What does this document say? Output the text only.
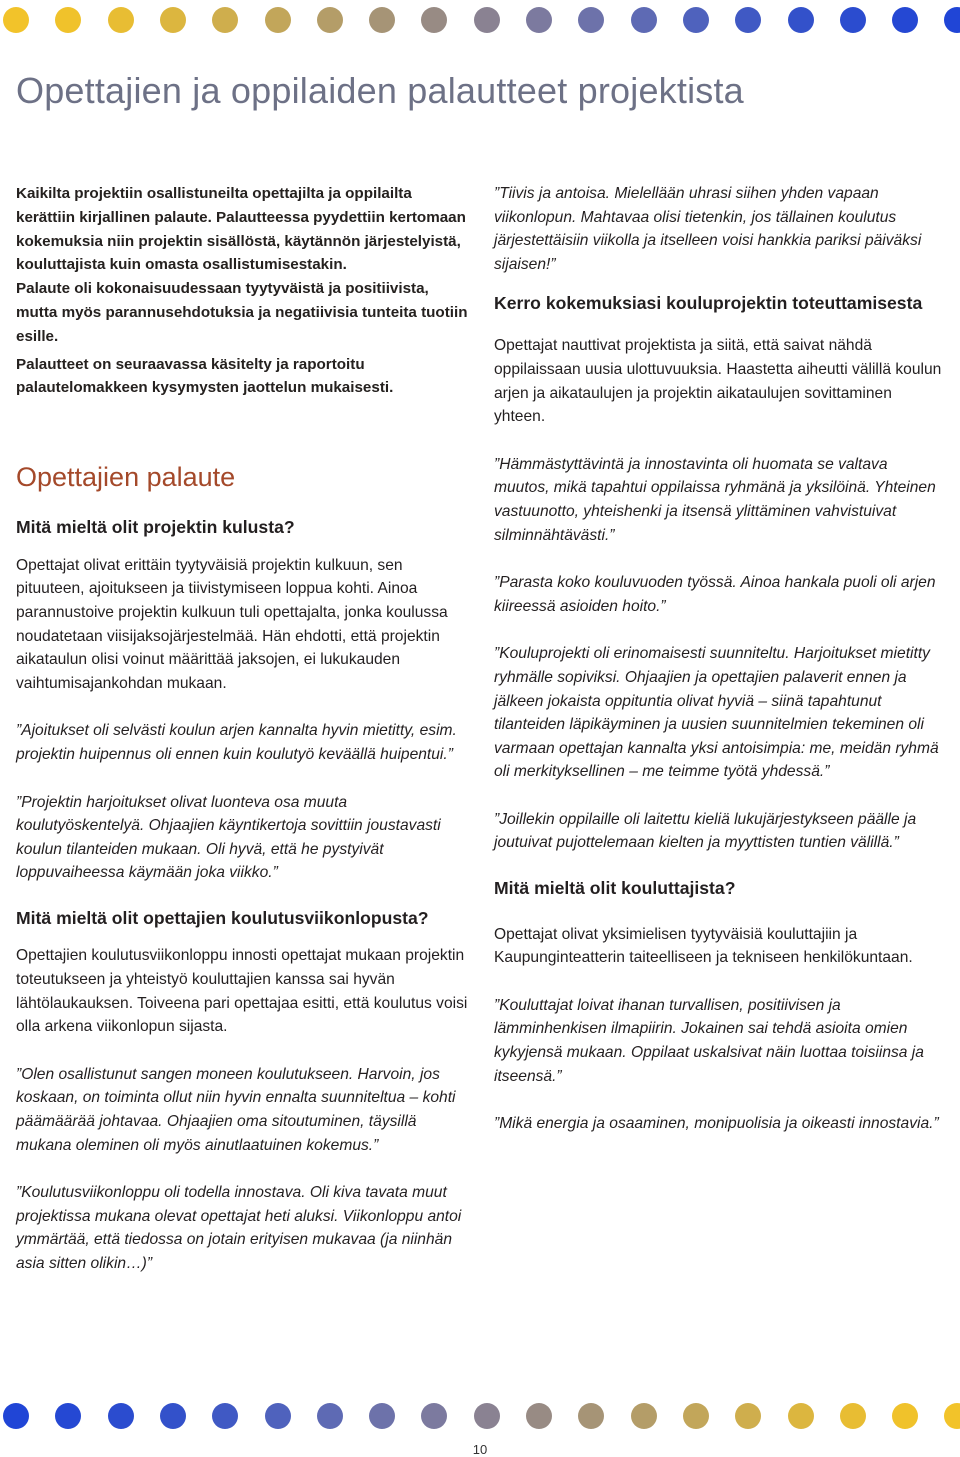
Opettajien ja oppilaiden palautteet projektista

Kaikilta projektiin osallistuneilta opettajilta ja oppilailta kerättiin kirjallinen palaute. Palautteessa pyydettiin kertomaan kokemuksia niin projektin sisällöstä, käytännön järjestelyistä, kouluttajista kuin omasta osallistumisestakin.

Palaute oli kokonaisuudessaan tyytyväistä ja positiivista, mutta myös parannusehdotuksia ja negatiivisia tunteita tuotiin esille.

Palautteet on seuraavassa käsitelty ja raportoitu palautelomakkeen kysymysten jaottelun mukaisesti.

Opettajien palaute
Mitä mieltä olit projektin kulusta?

Opettajat olivat erittäin tyytyväisiä projektin kulkuun, sen pituuteen, ajoitukseen ja tiivistymiseen loppua kohti. Ainoa parannustoive projektin kulkuun tuli opettajalta, jonka koulussa noudatetaan viisijaksojärjestelmää. Hän ehdotti, että projektin aikataulun olisi voinut määrittää jaksojen, ei lukukauden vaihtumisajankohdan mukaan.

”Ajoitukset oli selvästi koulun arjen kannalta hyvin mietitty, esim. projektin huipennus oli ennen kuin koulutyö keväällä huipentui.”

”Projektin harjoitukset olivat luonteva osa muuta koulutyöskentelyä. Ohjaajien käyntikertoja sovittiin joustavasti koulun tilanteiden mukaan. Oli hyvä, että he pystyivät loppuvaiheessa käymään joka viikko.”

Mitä mieltä olit opettajien koulutusviikonlopusta?

Opettajien koulutusviikonloppu innosti opettajat mukaan projektin toteutukseen ja yhteistyö kouluttajien kanssa sai hyvän lähtölaukauksen. Toiveena pari opettajaa esitti, että koulutus voisi olla arkena viikonlopun sijasta.

”Olen osallistunut sangen moneen koulutukseen. Harvoin, jos koskaan, on toiminta ollut niin hyvin ennalta suunniteltua – kohti päämäärää johtavaa. Ohjaajien oma sitoutuminen, täysillä mukana oleminen oli myös ainutlaatuinen kokemus.”

”Koulutusviikonloppu oli todella innostava. Oli kiva tavata muut projektissa mukana olevat opettajat heti aluksi. Viikonloppu antoi ymmärtää, että tiedossa on jotain erityisen mukavaa (ja niinhän asia sitten olikin…)”

”Tiivis ja antoisa. Mielellään uhrasi siihen yhden vapaan viikonlopun. Mahtavaa olisi tietenkin, jos tällainen koulutus järjestettäisiin viikolla ja itselleen voisi hankkia pariksi päiväksi sijaisen!”

Kerro kokemuksiasi kouluprojektin toteuttamisesta

Opettajat nauttivat projektista ja siitä, että saivat nähdä oppilaissaan uusia ulottuvuuksia. Haastetta aiheutti välillä koulun arjen ja aikataulujen ja projektin aikataulujen sovittaminen yhteen.

”Hämmästyttävintä ja innostavinta oli huomata se valtava muutos, mikä tapahtui oppilaissa ryhmänä ja yksilöinä. Yhteinen vastuunotto, yhteishenki ja itsensä ylittäminen vahvistuivat silminnähtävästi.”

”Parasta koko kouluvuoden työssä. Ainoa hankala puoli oli arjen kiireessä asioiden hoito.”

”Kouluprojekti oli erinomaisesti suunniteltu. Harjoitukset mietitty ryhmälle sopiviksi. Ohjaajien ja opettajien palaverit ennen ja jälkeen jokaista oppituntia olivat hyviä – siinä tapahtunut tilanteiden läpikäyminen ja uusien suunnitelmien tekeminen oli varmaan opettajan kannalta yksi antoisimpia: me, meidän ryhmä oli merkityksellinen – me teimme työtä yhdessä.”

”Joillekin oppilaille oli laitettu kieliä lukujärjestykseen päälle ja joutuivat pujottelemaan kielten ja myyttisten tuntien välillä.”

Mitä mieltä olit kouluttajista?

Opettajat olivat yksimielisen tyytyväisiä kouluttajiin ja Kaupunginteatterin taiteelliseen ja tekniseen henkilökuntaan.

”Kouluttajat loivat ihanan turvallisen, positiivisen ja lämminhenkisen ilmapiirin. Jokainen sai tehdä asioita omien kykyjensä mukaan. Oppilaat uskalsivat näin luottaa toisiinsa ja itseensä.”

”Mikä energia ja osaaminen, monipuolisia ja oikeasti innostavia.”

10
